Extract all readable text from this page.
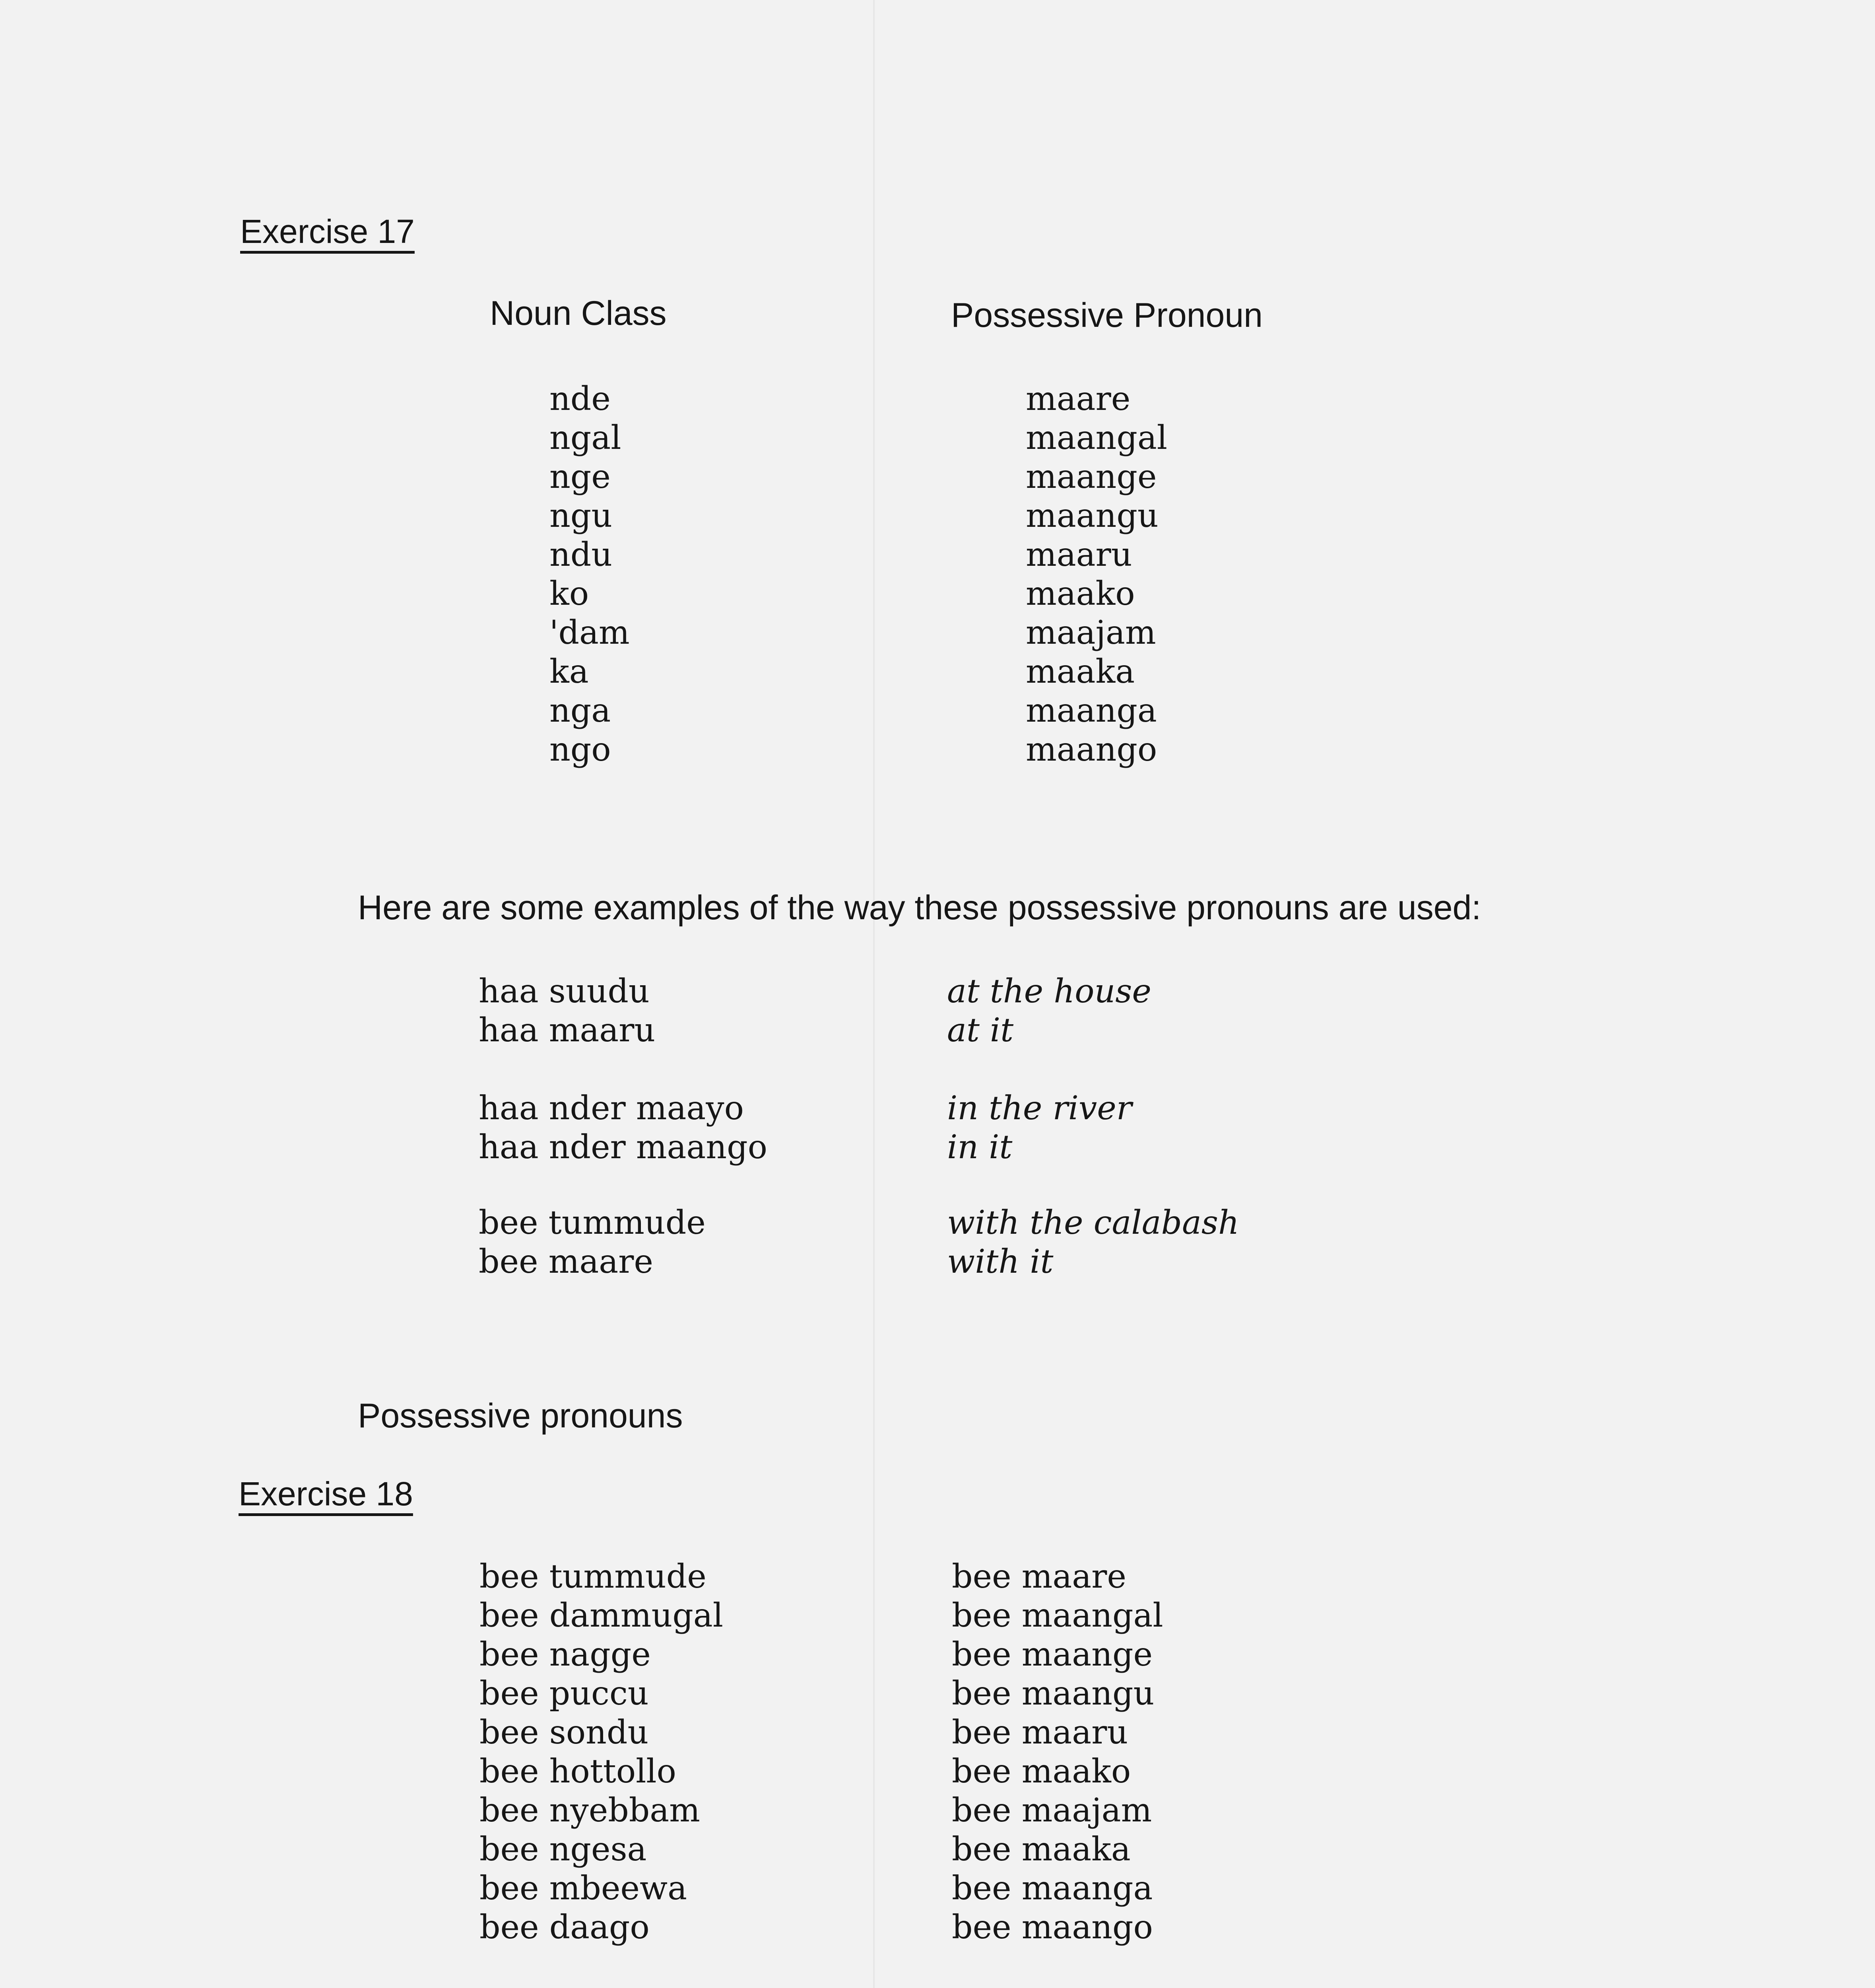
Exercise 17
Noun Class	Possessive Pronoun
nde
ngal
nge
ngu
ndu
ko
'dam
ka
nga
ngo
maare
maangal
maange
maangu
maaru
maako
maajam
maaka
maanga
maango
Here are some examples of the way these possessive pronouns are used:
haa suudu
haa maaru
haa nder maayo
haa nder maango
bee tummude
bee maare
at the house
at it
in the river
in it
with the calabash
with it
Possessive pronouns
Exercise 18
bee tummude
bee dammugal
bee nagge
bee puccu
bee sondu
bee hottollo
bee nyebbam
bee ngesa
bee mbeewa
bee daago
bee maare
bee maangal
bee maange
bee maangu
bee maaru
bee maako
bee maajam
bee maaka
bee maanga
bee maango
